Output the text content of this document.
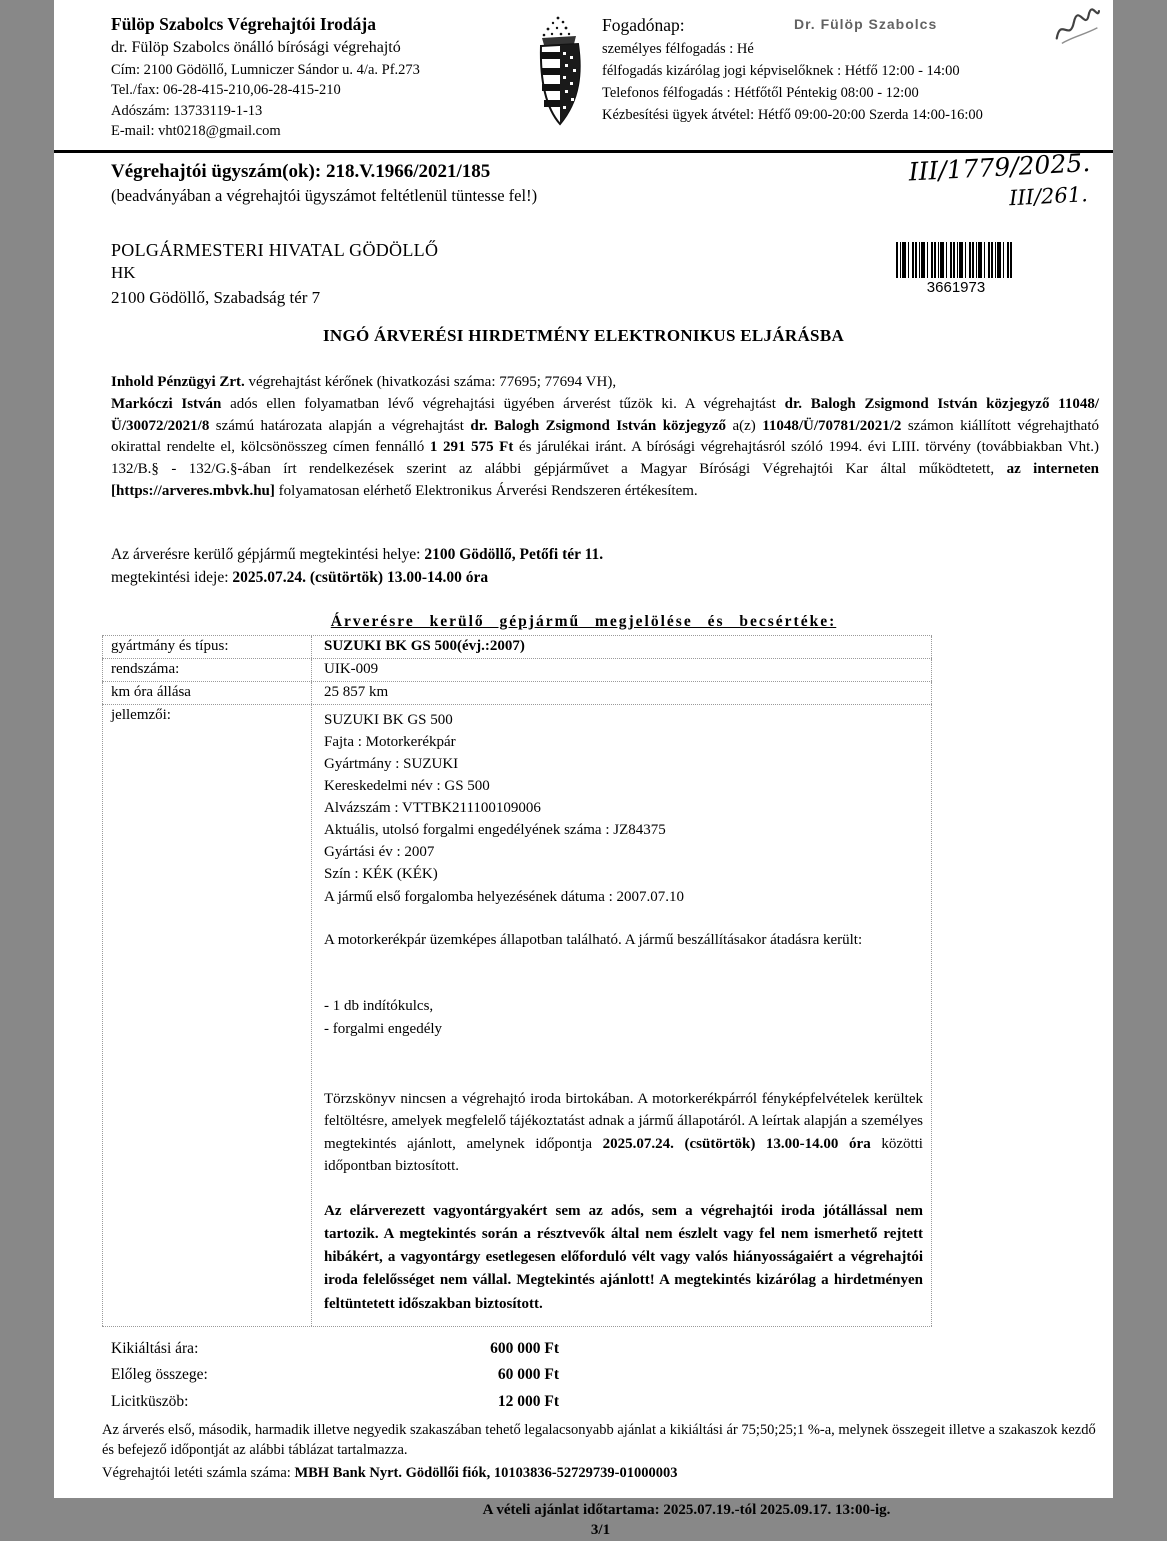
Fülöp Szabolcs Végrehajtói Irodája
dr. Fülöp Szabolcs önálló bírósági végrehajtó
Cím: 2100 Gödöllő, Lumniczer Sándor u. 4/a. Pf.273
Tel./fax: 06-28-415-210,06-28-415-210
Adószám: 13733119-1-13
E-mail: vht0218@gmail.com
Fogadónap:
személyes félfogadás : Hé
félfogadás kizárólag jogi képviselőknek : Hétfő 12:00 - 14:00
Telefonos félfogadás : Hétfőtől Péntekig 08:00 - 12:00
Kézbesítési ügyek átvétel: Hétfő 09:00-20:00 Szerda 14:00-16:00
Dr. Fülöp Szabolcs
Végrehajtói ügyszám(ok): 218.V.1966/2021/185
(beadványában a végrehajtói ügyszámot feltétlenül tüntesse fel!)
III/1779/2025.
III/261.
POLGÁRMESTERI HIVATAL GÖDÖLLŐ
HK
2100 Gödöllő, Szabadság tér 7
3661973
INGÓ ÁRVERÉSI HIRDETMÉNY ELEKTRONIKUS ELJÁRÁSBA
Inhold Pénzügyi Zrt. végrehajtást kérőnek (hivatkozási száma: 77695; 77694 VH),
Markóczi István adós ellen folyamatban lévő végrehajtási ügyében árverést tűzök ki. A végrehajtást dr. Balogh Zsigmond István közjegyző 11048/Ü/30072/2021/8 számú határozata alapján a végrehajtást dr. Balogh Zsigmond István közjegyző a(z) 11048/Ü/70781/2021/2 számon kiállított végrehajtható okirattal rendelte el, kölcsönösszeg címen fennálló 1 291 575 Ft és járulékai iránt. A bírósági végrehajtásról szóló 1994. évi LIII. törvény (továbbiakban Vht.) 132/B.§ - 132/G.§-ában írt rendelkezések szerint az alábbi gépjárművet a Magyar Bírósági Végrehajtói Kar által működtetett, az interneten [https://arveres.mbvk.hu] folyamatosan elérhető Elektronikus Árverési Rendszeren értékesítem.
Az árverésre kerülő gépjármű megtekintési helye: 2100 Gödöllő, Petőfi tér 11.
megtekintési ideje: 2025.07.24. (csütörtök) 13.00-14.00 óra
Árverésre kerülő gépjármű megjelölése és becsértéke:
gyártmány és típus:	SUZUKI BK GS 500(évj.:2007)
rendszáma:	UIK-009
km óra állása	25 857 km
jellemzői:	SUZUKI BK GS 500
Fajta : Motorkerékpár
Gyártmány : SUZUKI
Kereskedelmi név : GS 500
Alvázszám : VTTBK211100109006
Aktuális, utolsó forgalmi engedélyének száma : JZ84375
Gyártási év : 2007
Szín : KÉK (KÉK)
A jármű első forgalomba helyezésének dátuma : 2007.07.10
A motorkerékpár üzemképes állapotban található. A jármű beszállításakor átadásra került:
- 1 db indítókulcs,
- forgalmi engedély
Törzskönyv nincsen a végrehajtó iroda birtokában. A motorkerékpárról fényképfelvételek kerültek feltöltésre, amelyek megfelelő tájékoztatást adnak a jármű állapotáról. A leírtak alapján a személyes megtekintés ajánlott, amelynek időpontja 2025.07.24. (csütörtök) 13.00-14.00 óra közötti időpontban biztosított.
Az elárverezett vagyontárgyakért sem az adós, sem a végrehajtói iroda jótállással nem tartozik. A megtekintés során a résztvevők által nem észlelt vagy fel nem ismerhető rejtett hibákért, a vagyontárgy esetlegesen előforduló vélt vagy valós hiányosságaiért a végrehajtói iroda felelősséget nem vállal. Megtekintés ajánlott! A megtekintés kizárólag a hirdetményen feltüntetett időszakban biztosított.
Kikiáltási ára:	600 000 Ft
Előleg összege:	60 000 Ft
Licitküszöb:	12 000 Ft
Az árverés első, második, harmadik illetve negyedik szakaszában tehető legalacsonyabb ajánlat a kikiáltási ár 75;50;25;1 %-a, melynek összegeit illetve a szakaszok kezdő és befejező időpontját az alábbi táblázat tartalmazza.
Végrehajtói letéti számla száma: MBH Bank Nyrt. Gödöllői fiók, 10103836-52729739-01000003
A vételi ajánlat időtartama: 2025.07.19.-tól 2025.09.17. 13:00-ig.
3/1
